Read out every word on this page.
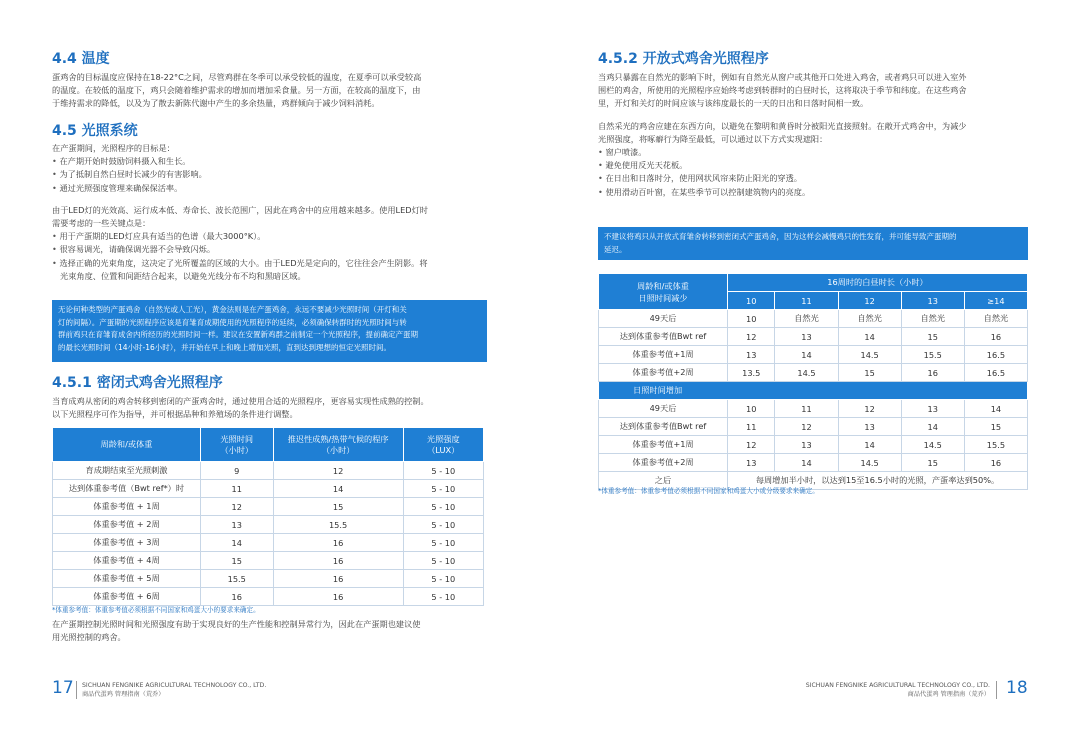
4.4 温度

蛋鸡舍的目标温度应保持在18-22°C之间，尽管鸡群在冬季可以承受较低的温度，在夏季可以承受较高

的温度。在较低的温度下，鸡只会随着维护需求的增加而增加采食量。另一方面，在较高的温度下，由

于维持需求的降低，以及为了散去新陈代谢中产生的多余热量，鸡群倾向于减少饲料消耗。

4.5 光照系统

在产蛋期间，光照程序的目标是：

• 在产期开始时鼓励饲料摄入和生长。
• 为了抵制自然白昼时长减少的有害影响。
• 通过光照强度管理来确保保活率。

由于LED灯的光效高、运行成本低、寿命长、波长范围广，因此在鸡舍中的应用越来越多。使用LED灯时

需要考虑的一些关键点是：

• 用于产蛋期的LED灯应具有适当的色谱（最大3000°K）。
• 很容易调光，请确保调光器不会导致闪烁。
• 选择正确的光束角度，这决定了光所覆盖的区域的大小。由于LED光是定向的，它往往会产生阴影。将

光束角度、位置和间距结合起来，以避免光线分布不均和黑暗区域。

无论何种类型的产蛋鸡舍（自然光或人工光），黄金法则是在产蛋鸡舍，永远不要减少光照时间（开灯和关
灯的间隔）。产蛋期的光照程序应该是育雏育成期使用的光照程序的延续，必须确保转群时的光照时间与转
群前鸡只在育雏育成舍内所经历的光照时间一样。建议在安置新鸡群之前制定一个光照程序，提前确定产蛋期
的最长光照时间（14小时-16小时），并开始在早上和晚上增加光照，直到达到理想的恒定光照时间。
4.5.1 密闭式鸡舍光照程序

当育成鸡从密闭的鸡舍转移到密闭的产蛋鸡舍时，通过使用合适的光照程序，更容易实现性成熟的控制。

以下光照程序可作为指导，并可根据品种和养殖场的条件进行调整。

周龄和/或体重	光照时间
（小时）	推迟性成熟/热带气候的程序
（小时）	光照强度
（LUX）
育成期结束至光照刺激	9	12	5 - 10
达到体重参考值（Bwt ref*）时	11	14	5 - 10
体重参考值 + 1周	12	15	5 - 10
体重参考值 + 2周	13	15.5	5 - 10
体重参考值 + 3周	14	16	5 - 10
体重参考值 + 4周	15	16	5 - 10
体重参考值 + 5周	15.5	16	5 - 10
体重参考值 + 6周	16	16	5 - 10
*体重参考值：体重参考值必须根据不同国家和鸡蛋大小的要求来确定。

在产蛋期控制光照时间和光照强度有助于实现良好的生产性能和控制异常行为，因此在产蛋期也建议使

用光照控制的鸡舍。

17 SICHUAN FENGNIKE AGRICULTURAL TECHNOLOGY CO., LTD.
商品代蛋鸡 管理指南（荒乔）
4.5.2 开放式鸡舍光照程序

当鸡只暴露在自然光的影响下时，例如有自然光从窗户或其他开口处进入鸡舍，或者鸡只可以进入室外

围栏的鸡舍，所使用的光照程序应始终考虑到转群时的白昼时长，这将取决于季节和纬度。在这些鸡舍

里，开灯和关灯的时间应该与该纬度最长的一天的日出和日落时间相一致。

自然采光的鸡舍应建在东西方向，以避免在黎明和黄昏时分被阳光直接照射。在敞开式鸡舍中，为减少

光照强度，将啄癖行为降至最低，可以通过以下方式实现遮阳：

• 窗户喷漆。
• 避免使用反光天花板。
• 在日出和日落时分，使用网状风帘来防止阳光的穿透。
• 使用滑动百叶窗，在某些季节可以控制建筑物内的亮度。
不建议将鸡只从开放式育雏舍转移到密闭式产蛋鸡舍，因为这样会减慢鸡只的性发育，并可能导致产蛋期的
延迟。
周龄和/或体重
日照时间减少	16周时的白昼时长（小时）				
	10	11	12	13	≥14
49天后	10	自然光	自然光	自然光	自然光
达到体重参考值Bwt ref	12	13	14	15	16
体重参考值+1周	13	14	14.5	15.5	16.5
体重参考值+2周	13.5	14.5	15	16	16.5
日照时间增加					
49天后	10	11	12	13	14
达到体重参考值Bwt ref	11	12	13	14	15
体重参考值+1周	12	13	14	14.5	15.5
体重参考值+2周	13	14	14.5	15	16
之后	每周增加半小时，以达到15至16.5小时的光照，产蛋率达到50%。				
*体重参考值：体重参考值必须根据不同国家和鸡蛋大小或分级要求来确定。
SICHUAN FENGNIKE AGRICULTURAL TECHNOLOGY CO., LTD.
商品代蛋鸡 管理指南（荒乔） 18
